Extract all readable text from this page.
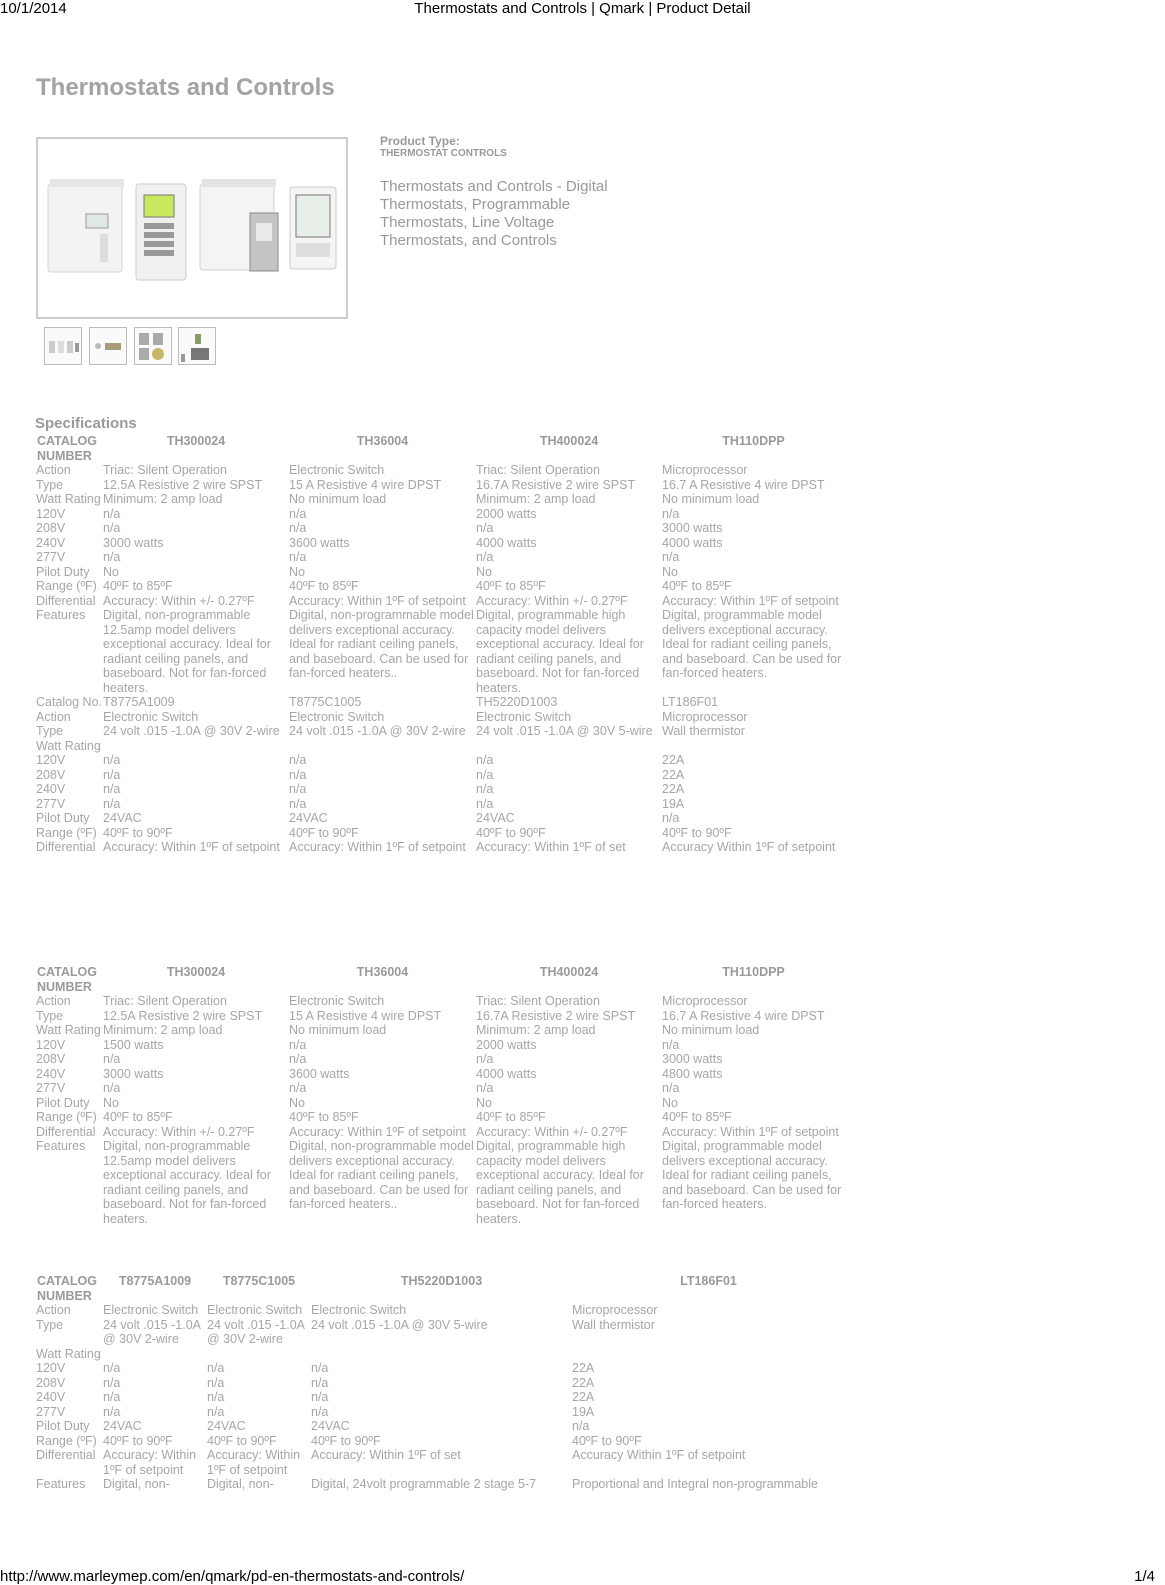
10/1/2014	Thermostats and Controls | Qmark | Product Detail
Thermostats and Controls
Product Type:
THERMOSTAT CONTROLS
Thermostats and Controls - Digital Thermostats, Programmable Thermostats, Line Voltage Thermostats, and Controls
Specifications
CATALOG NUMBER	TH300024	TH36004	TH400024	TH110DPP
Action	Triac: Silent Operation	Electronic Switch	Triac: Silent Operation	Microprocessor
Type	12.5A Resistive 2 wire SPST	15 A Resistive 4 wire DPST	16.7A Resistive 2 wire SPST	16.7 A Resistive 4 wire DPST
Watt Rating	Minimum: 2 amp load	No minimum load	Minimum: 2 amp load	No minimum load
120V	n/a	n/a	2000 watts	n/a
208V	n/a	n/a	n/a	3000 watts
240V	3000 watts	3600 watts	4000 watts	4000 watts
277V	n/a	n/a	n/a	n/a
Pilot Duty	No	No	No	No
Range (ºF)	40ºF to 85ºF	40ºF to 85ºF	40ºF to 85ºF	40ºF to 85ºF
Differential	Accuracy: Within +/- 0.27ºF	Accuracy: Within 1ºF of setpoint	Accuracy: Within +/- 0.27ºF	Accuracy: Within 1ºF of setpoint
Features	Digital, non-programmable 12.5amp model delivers exceptional accuracy. Ideal for radiant ceiling panels, and baseboard. Not for fan-forced heaters.	Digital, non-programmable model delivers exceptional accuracy. Ideal for radiant ceiling panels, and baseboard. Can be used for fan-forced heaters..	Digital, programmable high capacity model delivers exceptional accuracy. Ideal for radiant ceiling panels, and baseboard. Not for fan-forced heaters.	Digital, programmable model delivers exceptional accuracy. Ideal for radiant ceiling panels, and baseboard. Can be used for fan-forced heaters.
Catalog No.	T8775A1009	T8775C1005	TH5220D1003	LT186F01
Action	Electronic Switch	Electronic Switch	Electronic Switch	Microprocessor
Type	24 volt .015 -1.0A @ 30V 2-wire	24 volt .015 -1.0A @ 30V 2-wire	24 volt .015 -1.0A @ 30V 5-wire	Wall thermistor
Watt Rating				
120V	n/a	n/a	n/a	22A
208V	n/a	n/a	n/a	22A
240V	n/a	n/a	n/a	22A
277V	n/a	n/a	n/a	19A
Pilot Duty	24VAC	24VAC	24VAC	n/a
Range (ºF)	40ºF to 90ºF	40ºF to 90ºF	40ºF to 90ºF	40ºF to 90ºF
Differential	Accuracy: Within 1ºF of setpoint	Accuracy: Within 1ºF of setpoint	Accuracy: Within 1ºF of set	Accuracy Within 1ºF of setpoint
CATALOG NUMBER	TH300024	TH36004	TH400024	TH110DPP
Action	Triac: Silent Operation	Electronic Switch	Triac: Silent Operation	Microprocessor
Type	12.5A Resistive 2 wire SPST	15 A Resistive 4 wire DPST	16.7A Resistive 2 wire SPST	16.7 A Resistive 4 wire DPST
Watt Rating	Minimum: 2 amp load	No minimum load	Minimum: 2 amp load	No minimum load
120V	1500 watts	n/a	2000 watts	n/a
208V	n/a	n/a	n/a	3000 watts
240V	3000 watts	3600 watts	4000 watts	4800 watts
277V	n/a	n/a	n/a	n/a
Pilot Duty	No	No	No	No
Range (ºF)	40ºF to 85ºF	40ºF to 85ºF	40ºF to 85ºF	40ºF to 85ºF
Differential	Accuracy: Within +/- 0.27ºF	Accuracy: Within 1ºF of setpoint	Accuracy: Within +/- 0.27ºF	Accuracy: Within 1ºF of setpoint
Features	Digital, non-programmable 12.5amp model delivers exceptional accuracy. Ideal for radiant ceiling panels, and baseboard. Not for fan-forced heaters.	Digital, non-programmable model delivers exceptional accuracy. Ideal for radiant ceiling panels, and baseboard. Can be used for fan-forced heaters..	Digital, programmable high capacity model delivers exceptional accuracy. Ideal for radiant ceiling panels, and baseboard. Not for fan-forced heaters.	Digital, programmable model delivers exceptional accuracy. Ideal for radiant ceiling panels, and baseboard. Can be used for fan-forced heaters.
CATALOG NUMBER	T8775A1009	T8775C1005	TH5220D1003	LT186F01
Action	Electronic Switch	Electronic Switch	Electronic Switch	Microprocessor
Type	24 volt .015 -1.0A @ 30V 2-wire	24 volt .015 -1.0A @ 30V 2-wire	24 volt .015 -1.0A @ 30V 5-wire	Wall thermistor
Watt Rating				
120V	n/a	n/a	n/a	22A
208V	n/a	n/a	n/a	22A
240V	n/a	n/a	n/a	22A
277V	n/a	n/a	n/a	19A
Pilot Duty	24VAC	24VAC	24VAC	n/a
Range (ºF)	40ºF to 90ºF	40ºF to 90ºF	40ºF to 90ºF	40ºF to 90ºF
Differential	Accuracy: Within 1ºF of setpoint	Accuracy: Within 1ºF of setpoint	Accuracy: Within 1ºF of set	Accuracy Within 1ºF of setpoint
Features	Digital, non-	Digital, non-	Digital, 24volt programmable 2 stage 5-7	Proportional and Integral non-programmable
http://www.marleymep.com/en/qmark/pd-en-thermostats-and-controls/	1/4
